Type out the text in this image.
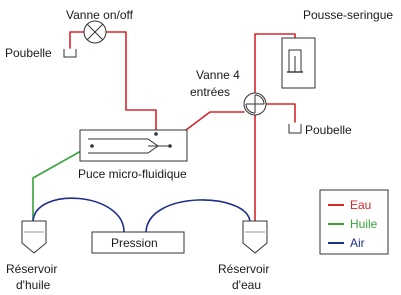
Eau
Huile
Air
Vanne on/off
Poubelle
Pousse-seringue
Vanne 4
entrées
Poubelle
Puce micro-fluidique
Pression
Réservoir
d'huile
Réservoir
d'eau
